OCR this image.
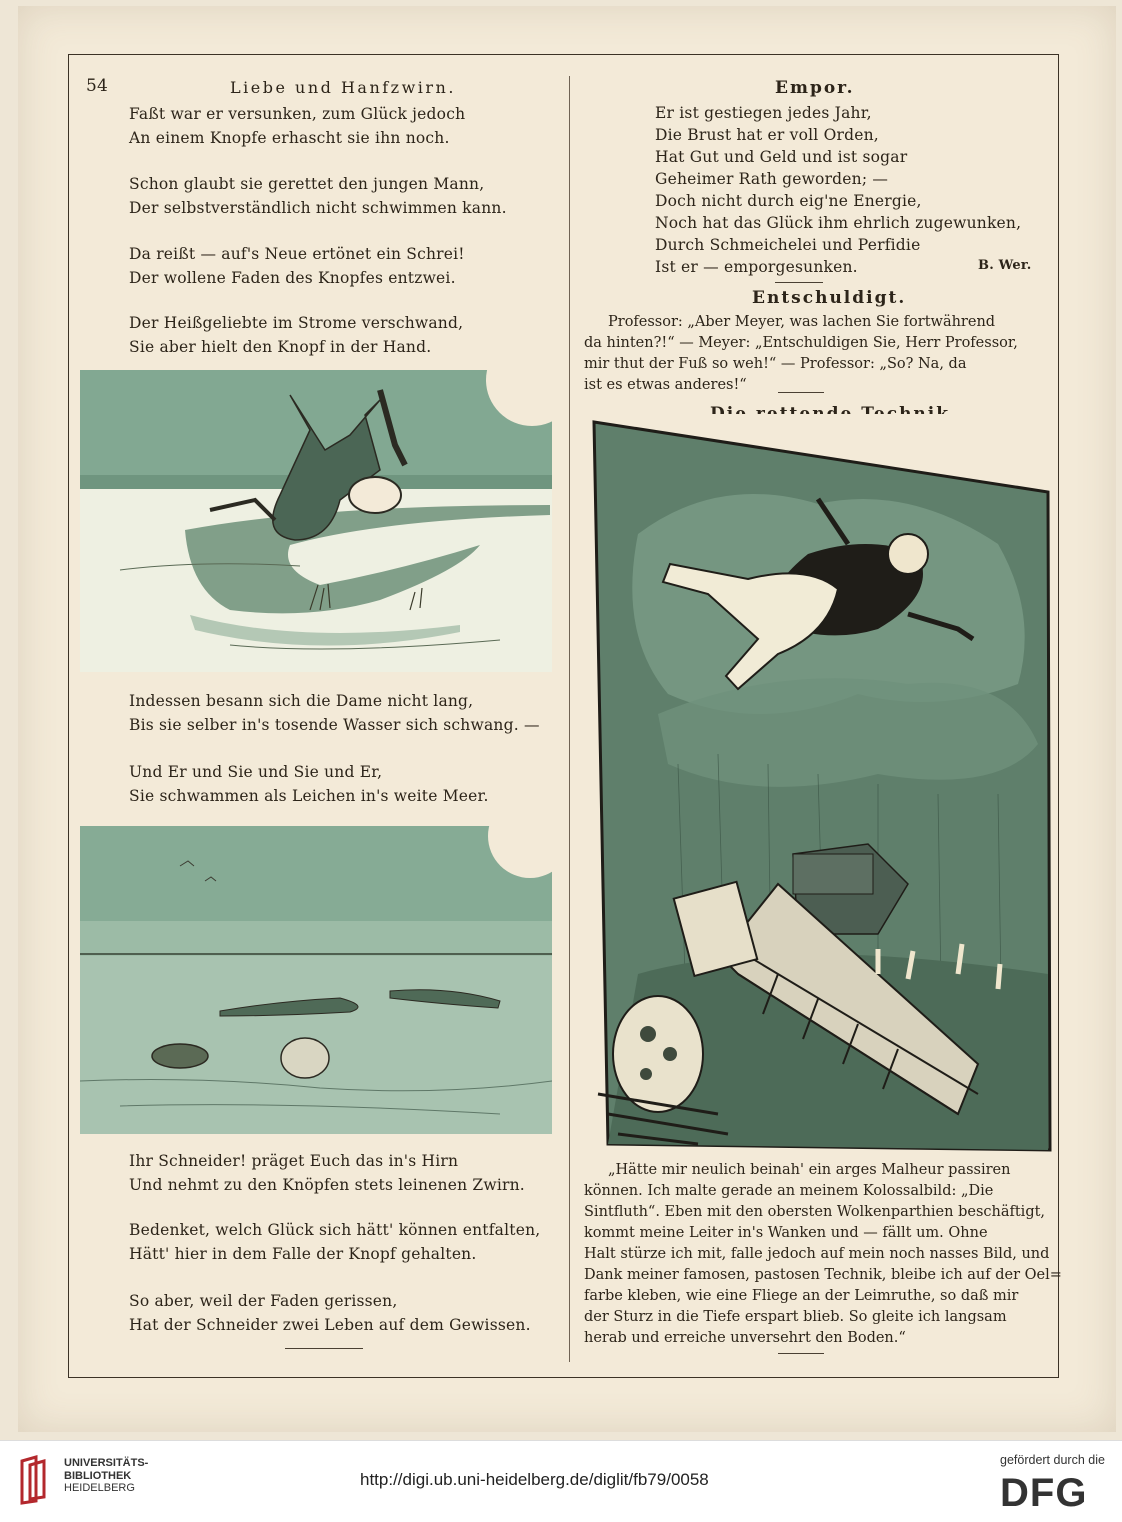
54	Liebe und Hanfzwirn.
Faßt war er versunken, zum Glück jedoch
An einem Knopfe erhascht sie ihn noch.
Schon glaubt sie gerettet den jungen Mann,
Der selbstverständlich nicht schwimmen kann.
Da reißt — auf's Neue ertönet ein Schrei!
Der wollene Faden des Knopfes entzwei.
Der Heißgeliebte im Strome verschwand,
Sie aber hielt den Knopf in der Hand.
Indessen besann sich die Dame nicht lang,
Bis sie selber in's tosende Wasser sich schwang. —
Und Er und Sie und Sie und Er,
Sie schwammen als Leichen in's weite Meer.
Ihr Schneider! präget Euch das in's Hirn
Und nehmt zu den Knöpfen stets leinenen Zwirn.
Bedenket, welch Glück sich hätt' können entfalten,
Hätt' hier in dem Falle der Knopf gehalten.
So aber, weil der Faden gerissen,
Hat der Schneider zwei Leben auf dem Gewissen.
Empor.
Er ist gestiegen jedes Jahr,
Die Brust hat er voll Orden,
Hat Gut und Geld und ist sogar
Geheimer Rath geworden; —
Doch nicht durch eig'ne Energie,
Noch hat das Glück ihm ehrlich zugewunken,
Durch Schmeichelei und Perfidie
Ist er — emporgesunken.	B. Wer.
Entschuldigt.
Professor: „Aber Meyer, was lachen Sie fortwährend
da hinten?!“ — Meyer: „Entschuldigen Sie, Herr Professor,
mir thut der Fuß so weh!“ — Professor: „So? Na, da
ist es etwas anderes!“
„Hätte mir neulich beinah' ein arges Malheur passiren
können. Ich malte gerade an meinem Kolossalbild: „Die
Sintfluth“. Eben mit den obersten Wolkenparthien beschäftigt,
kommt meine Leiter in's Wanken und — fällt um. Ohne
Halt stürze ich mit, falle jedoch auf mein noch nasses Bild, und
Dank meiner famosen, pastosen Technik, bleibe ich auf der Oel=
farbe kleben, wie eine Fliege an der Leimruthe, so daß mir
der Sturz in die Tiefe erspart blieb. So gleite ich langsam
herab und erreiche unversehrt den Boden.“
UNIVERSITÄTS-
BIBLIOTHEK
HEIDELBERG	http://digi.ub.uni-heidelberg.de/diglit/fb79/0058
gefördert durch die
DFG
